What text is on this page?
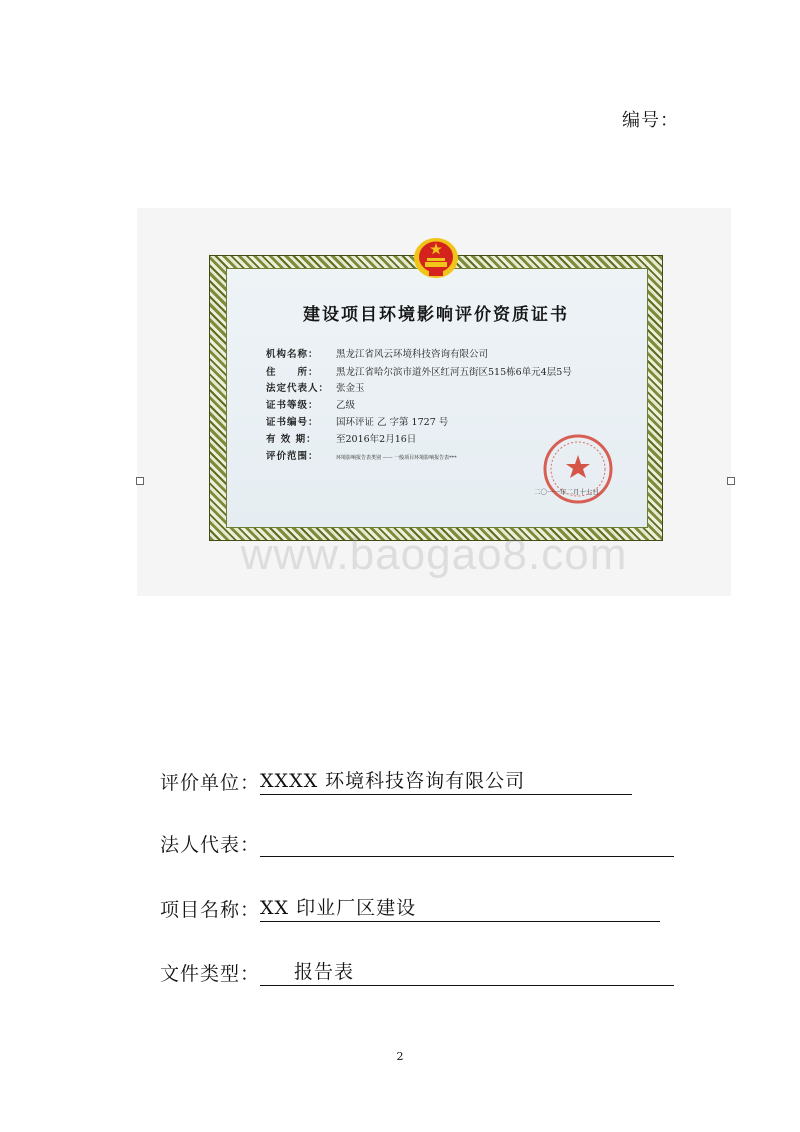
编号：
建设项目环境影响评价资质证书
机构名称： 黑龙江省风云环境科技咨询有限公司
住　　所： 黑龙江省哈尔滨市道外区红河五街区515栋6单元4层5号
法定代表人： 张金玉
证书等级： 乙级
证书编号： 国环评证 乙 字第 1727 号
有 效 期： 至2016年2月16日
评价范围：	环境影响报告表类别 —— 一般项目环境影响报告表***
二〇一一年二月十七日
www.baogao8.com
评价单位：XXXX 环境科技咨询有限公司
法人代表：
项目名称：XX 印业厂区建设
文件类型： 报告表
2
